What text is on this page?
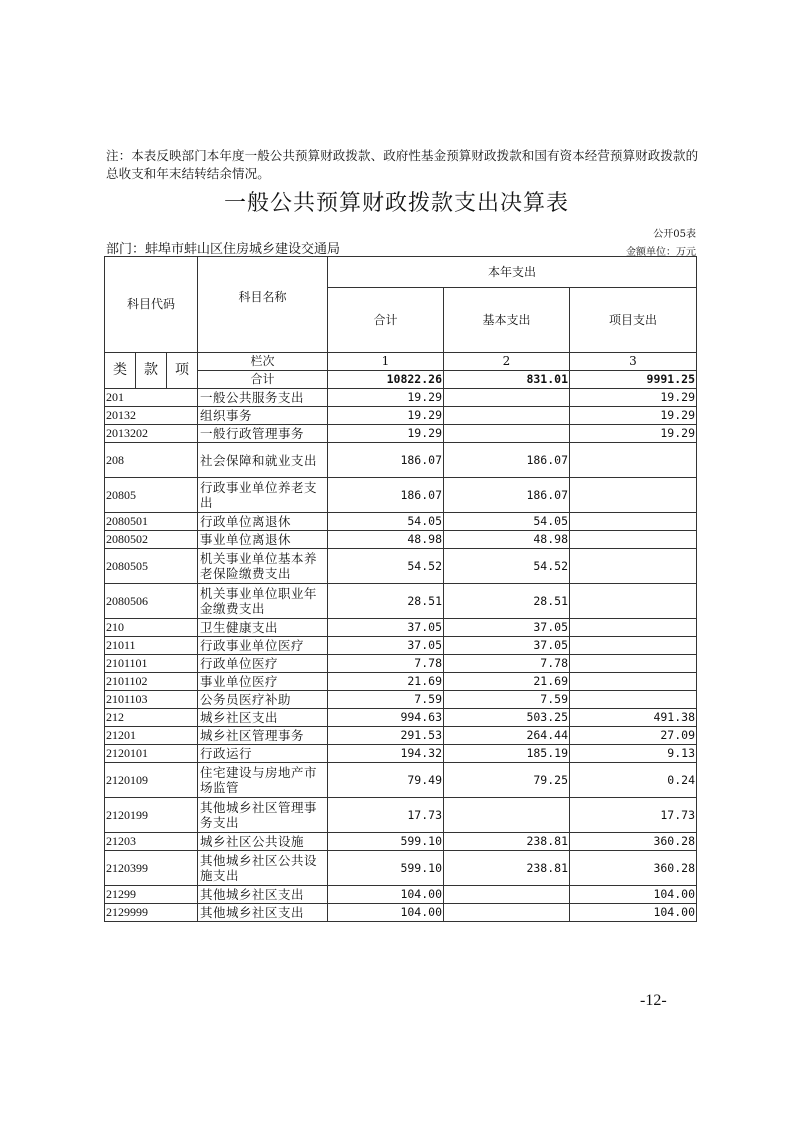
注：本表反映部门本年度一般公共预算财政拨款、政府性基金预算财政拨款和国有资本经营预算财政拨款的总收支和年末结转结余情况。
一般公共预算财政拨款支出决算表
公开05表
部门：蚌埠市蚌山区住房城乡建设交通局	金额单位：万元
科目代码			科目名称	本年支出		
				合计	基本支出	项目支出
类	款	项	栏次	1	2	3
			合计	10822.26	831.01	9991.25
201			一般公共服务支出	19.29		19.29
20132			组织事务	19.29		19.29
2013202			一般行政管理事务	19.29		19.29
208			社会保障和就业支出	186.07	186.07	
20805			行政事业单位养老支出	186.07	186.07	
2080501			行政单位离退休	54.05	54.05	
2080502			事业单位离退休	48.98	48.98	
2080505			机关事业单位基本养老保险缴费支出	54.52	54.52	
2080506			机关事业单位职业年金缴费支出	28.51	28.51	
210			卫生健康支出	37.05	37.05	
21011			行政事业单位医疗	37.05	37.05	
2101101			行政单位医疗	7.78	7.78	
2101102			事业单位医疗	21.69	21.69	
2101103			公务员医疗补助	7.59	7.59	
212			城乡社区支出	994.63	503.25	491.38
21201			城乡社区管理事务	291.53	264.44	27.09
2120101			行政运行	194.32	185.19	9.13
2120109			住宅建设与房地产市场监管	79.49	79.25	0.24
2120199			其他城乡社区管理事务支出	17.73		17.73
21203			城乡社区公共设施	599.10	238.81	360.28
2120399			其他城乡社区公共设施支出	599.10	238.81	360.28
21299			其他城乡社区支出	104.00		104.00
2129999			其他城乡社区支出	104.00		104.00
-12-
